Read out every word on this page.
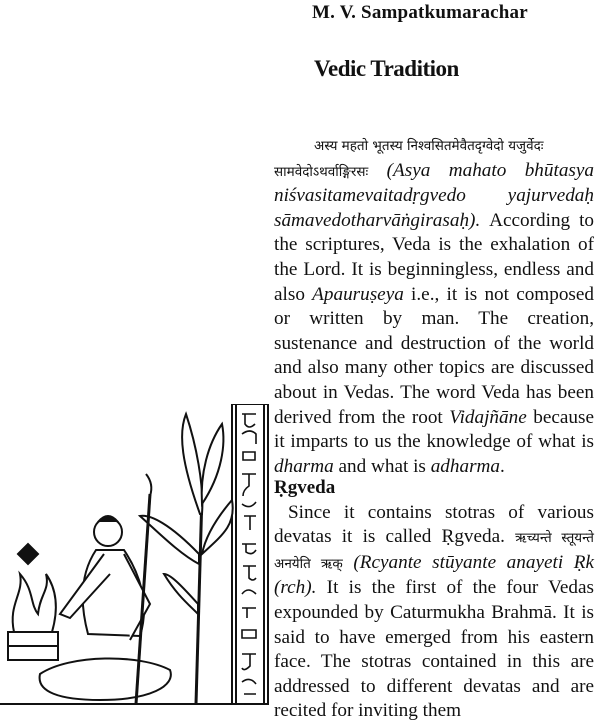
M. V. Sampatkumarachar
Vedic Tradition

अस्य महतो भूतस्य निश्वसितमेवैतदृग्वेदो यजुर्वेदः
सामवेदोऽथर्वाङ्गिरसः (Asya mahato bhūtasya niśvasitamevaitadṛgvedo yajurvedaḥ sāmavedotharvāṅgirasaḥ). According to the scriptures, Veda is the exhalation of the Lord. It is beginningless, endless and also Apauruṣeya i.e., it is not composed or written by man. The creation, sustenance and destruction of the world and also many other topics are discussed about in Vedas. The word Veda has been derived from the root Vidajñāne because it imparts to us the knowledge of what is dharma and what is adharma.

Ṛgveda

Since it contains stotras of various devatas it is called Ṛgveda. ऋच्यन्ते स्तूयन्ते अनयेति ऋक् (Rcyante stūyante anayeti Ṛk (rch). It is the first of the four Vedas expounded by Caturmukha Brahmā. It is said to have emerged from his eastern face. The stotras contained in this are addressed to different devatas and are recited for inviting them
